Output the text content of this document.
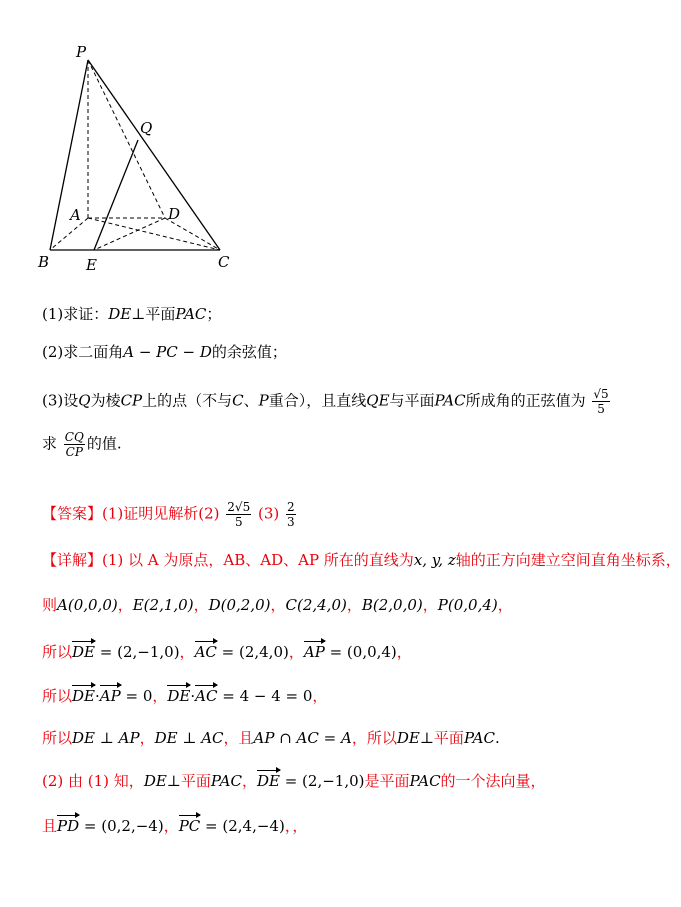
P
Q
A	D
B E	C
(1)求证：DE⊥平面PAC；
(2)求二面角A − PC − D的余弦值；
(3)设Q为棱CP上的点（不与C、P重合），且直线QE与平面PAC所成角的正弦值为 $\frac{√5}{5}$
求 $\frac{CQ}{CP}$ 的值.
【答案】(1)证明见解析$(2) \frac{2√5}{5} (3) \frac{2}{3}$
【详解】(1) 以 A 为原点，AB、AD、AP 所在的直线为x, y, z轴的正方向建立空间直角坐标系，
则A(0,0,0)，E(2,1,0)，D(0,2,0)，C(2,4,0)，B(2,0,0)，P(0,0,4)，
所以DE = (2,−1,0)，AC = (2,4,0)，AP = (0,0,4)，
所以DE·AP = 0，DE·AC = 4 − 4 = 0，
所以DE ⊥ AP，DE ⊥ AC，且AP ∩ AC = A，所以DE⊥平面PAC.
(2) 由 (1) 知，DE⊥平面PAC，DE = (2,−1,0)是平面PAC的一个法向量，
且PD = (0,2,−4)，PC = (2,4,−4)，，
